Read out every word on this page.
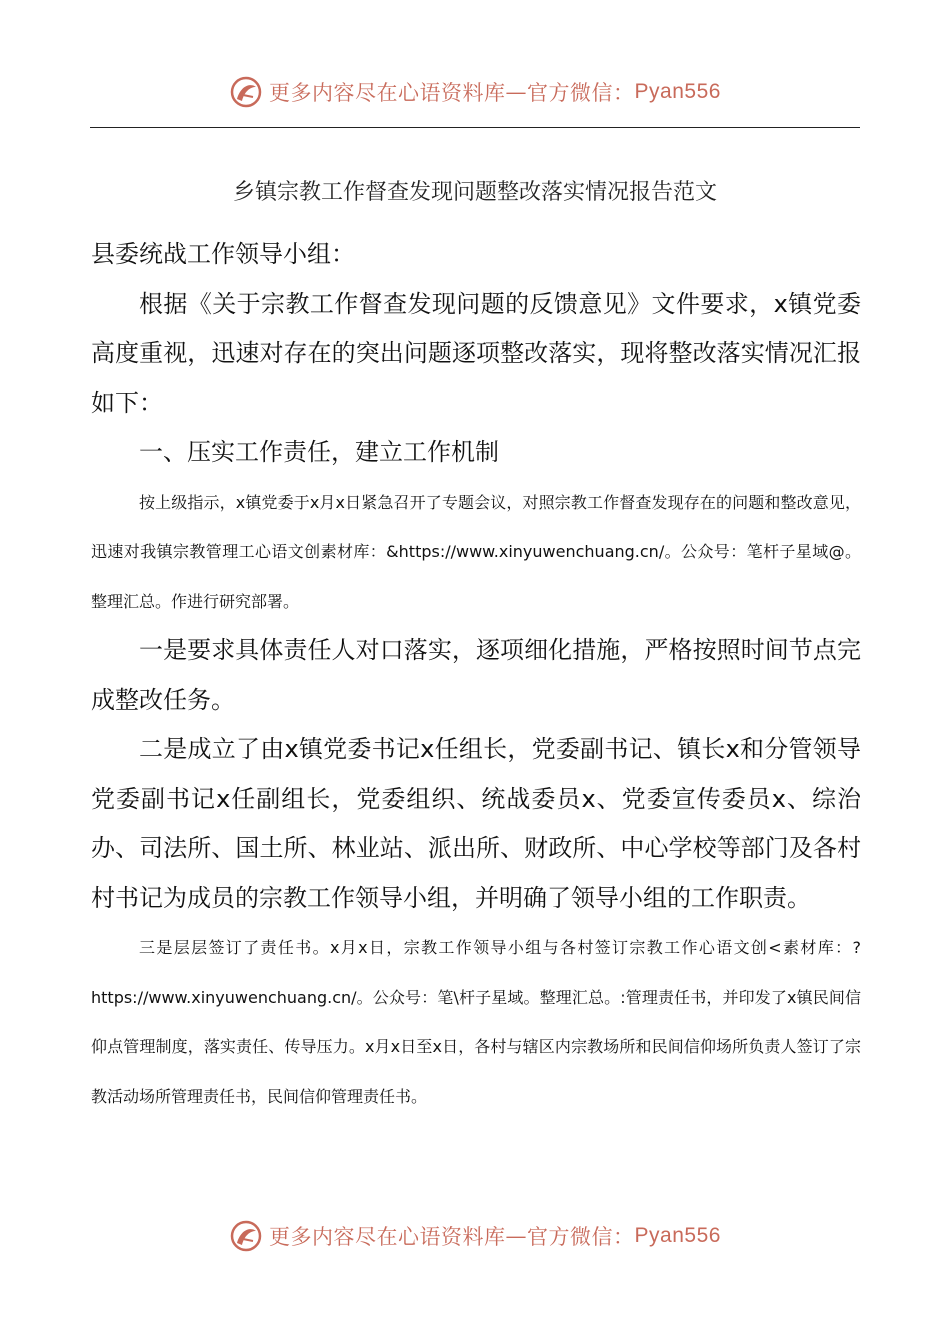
更多内容尽在心语资料库 — 官方微信： Pyan556
乡镇宗教工作督查发现问题整改落实情况报告范文

县委统战工作领导小组：

根据《关于宗教工作督查发现问题的反馈意见》文件要求，x镇党委高度重视，迅速对存在的突出问题逐项整改落实，现将整改落实情况汇报如下：

一、压实工作责任，建立工作机制

按上级指示，x镇党委于x月x日紧急召开了专题会议，对照宗教工作督查发现存在的问题和整改意见，迅速对我镇宗教管理工心语文创素材库：&https://www.xinyuwenchuang.cn/。公众号：笔杆子星域@。整理汇总。作进行研究部署。

一是要求具体责任人对口落实，逐项细化措施，严格按照时间节点完成整改任务。

二是成立了由x镇党委书记x任组长，党委副书记、镇长x和分管领导党委副书记x任副组长，党委组织、统战委员x、党委宣传委员x、综治办、司法所、国土所、林业站、派出所、财政所、中心学校等部门及各村村书记为成员的宗教工作领导小组，并明确了领导小组的工作职责。

三是层层签订了责任书。x月x日，宗教工作领导小组与各村签订宗教工作心语文创<素材库：?https://www.xinyuwenchuang.cn/。公众号：笔\杆子星域。整理汇总。:管理责任书，并印发了x镇民间信仰点管理制度，落实责任、传导压力。x月x日至x日，各村与辖区内宗教场所和民间信仰场所负责人签订了宗教活动场所管理责任书，民间信仰管理责任书。

更多内容尽在心语资料库 — 官方微信： Pyan556
